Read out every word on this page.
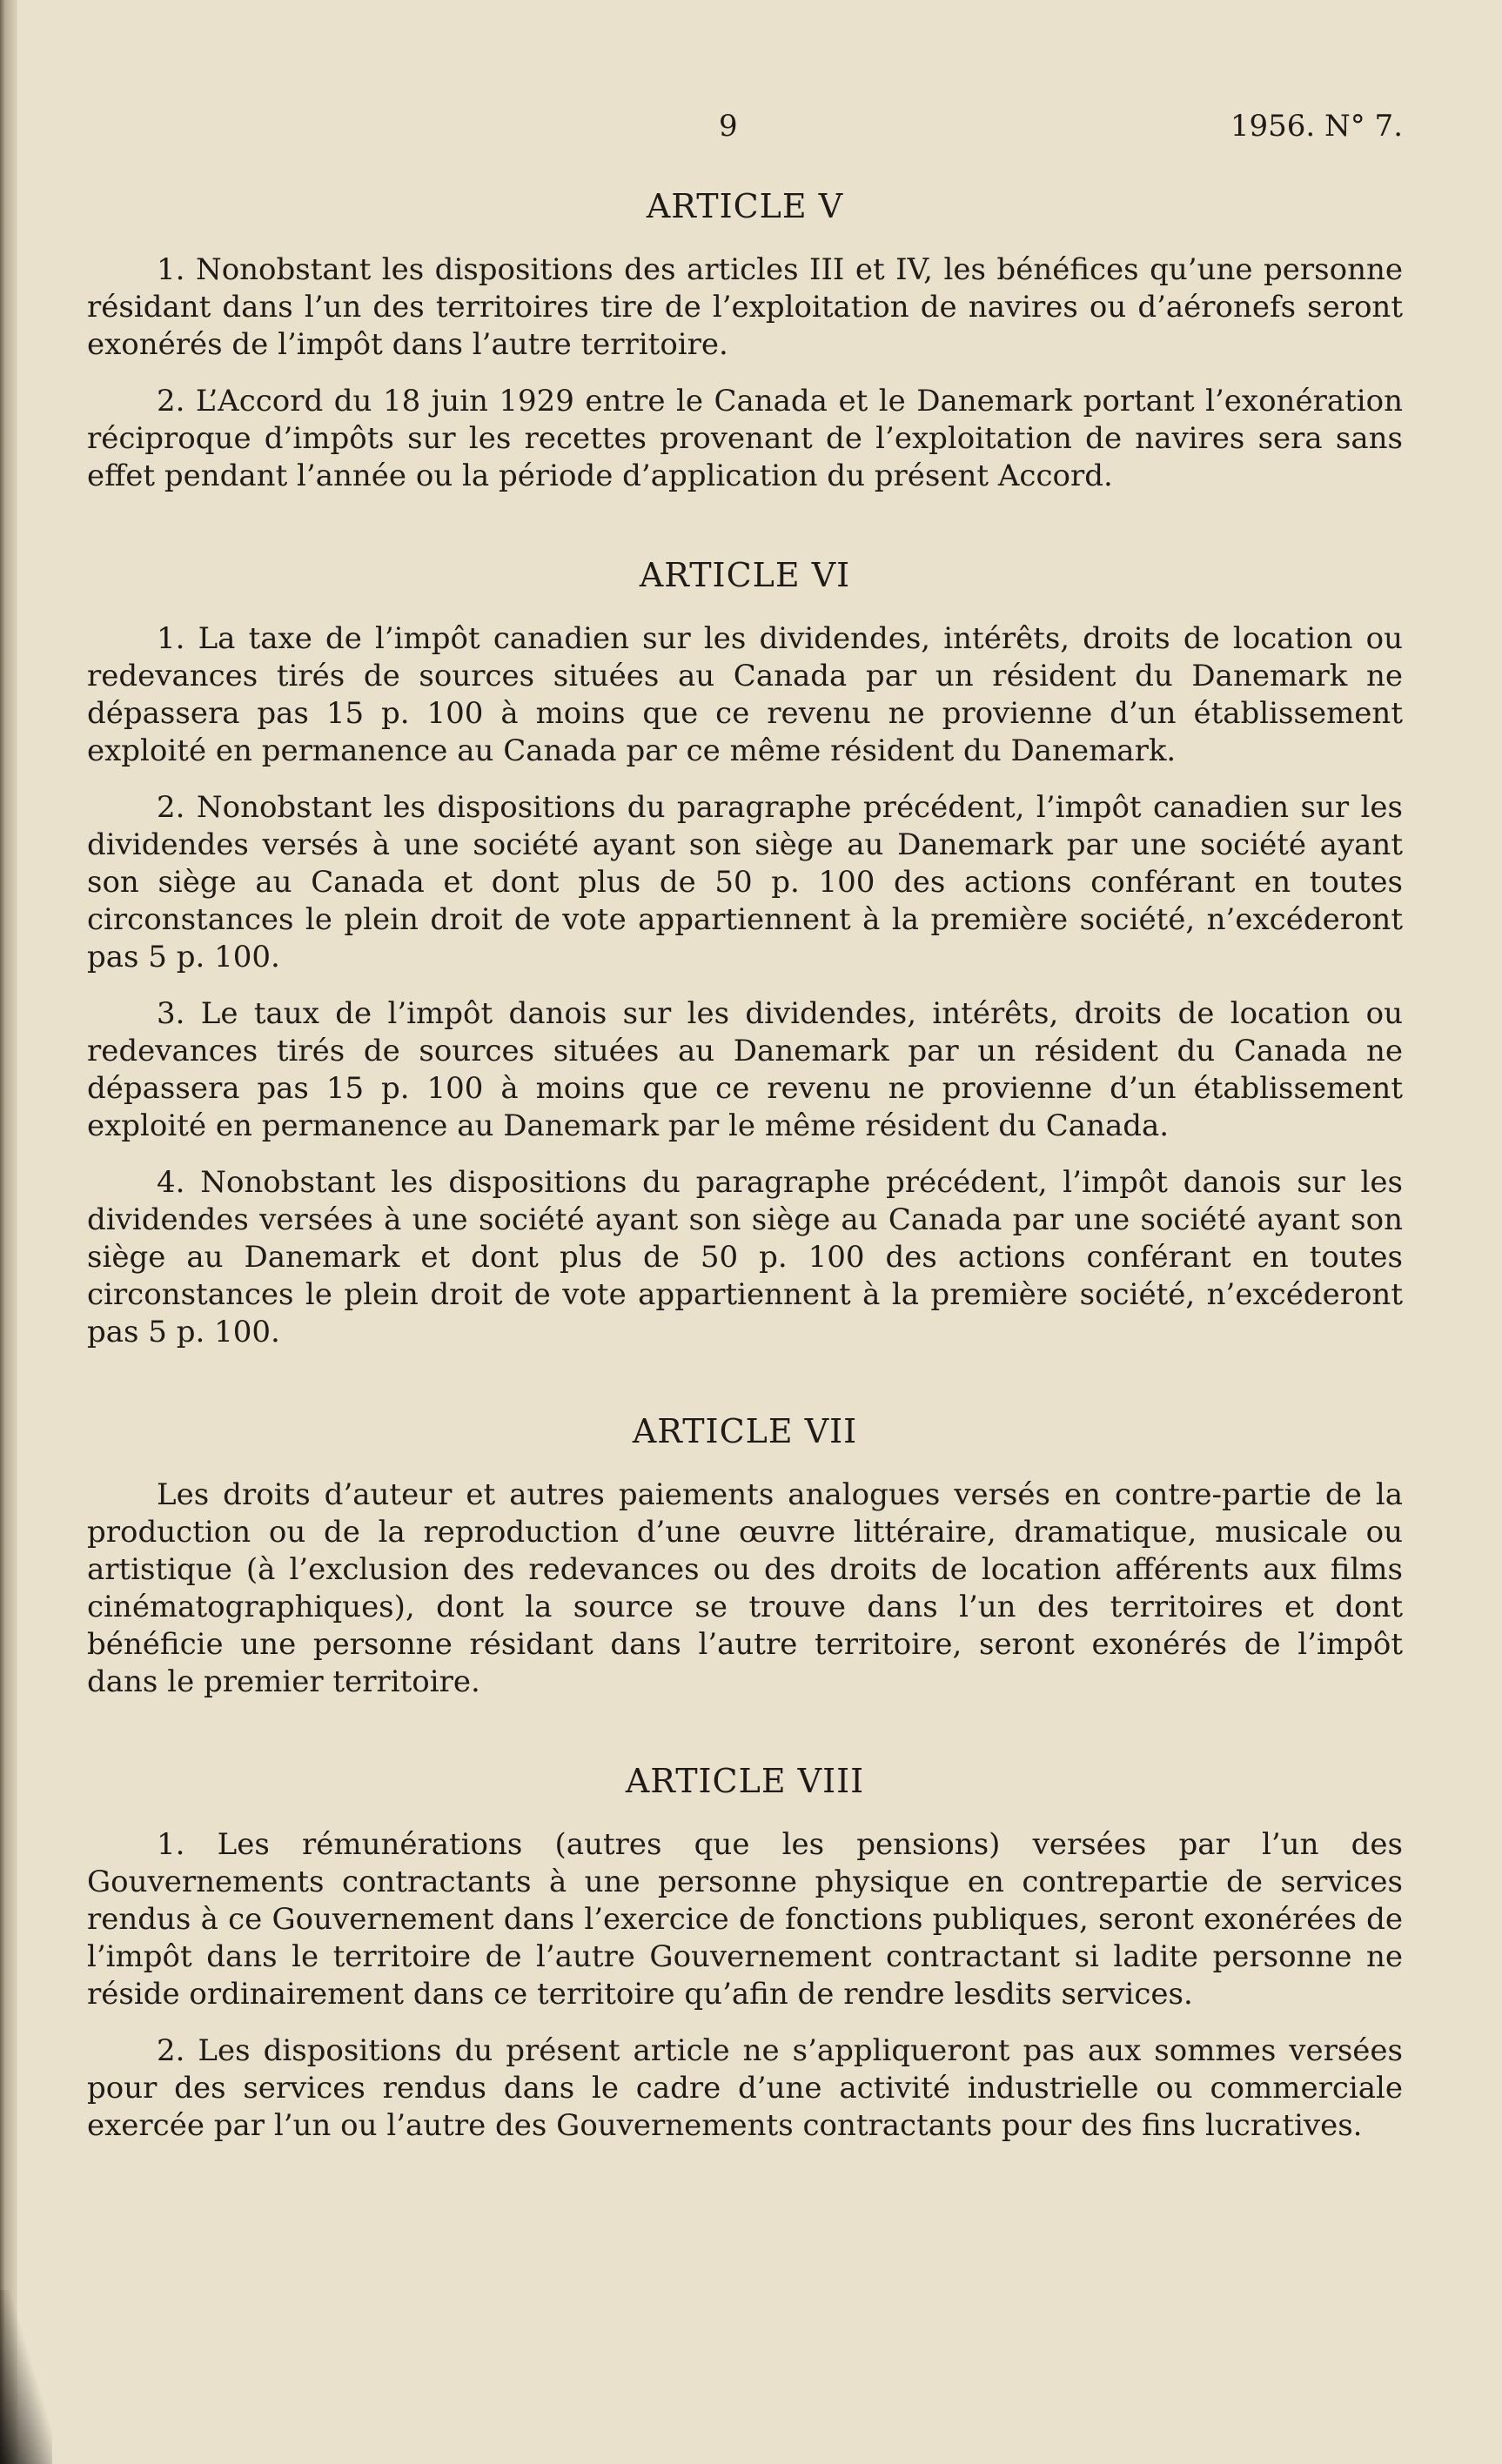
9	1956. N° 7.
ARTICLE V

1. Nonobstant les dispositions des articles III et IV, les bénéfices qu’une personne résidant dans l’un des territoires tire de l’exploitation de navires ou d’aéronefs seront exonérés de l’impôt dans l’autre territoire.

2. L’Accord du 18 juin 1929 entre le Canada et le Danemark portant l’exonération réciproque d’impôts sur les recettes provenant de l’exploitation de navires sera sans effet pendant l’année ou la période d’application du présent Accord.

ARTICLE VI

1. La taxe de l’impôt canadien sur les dividendes, intérêts, droits de location ou redevances tirés de sources situées au Canada par un résident du Danemark ne dépassera pas 15 p. 100 à moins que ce revenu ne provienne d’un établissement exploité en permanence au Canada par ce même résident du Danemark.

2. Nonobstant les dispositions du paragraphe précédent, l’impôt canadien sur les dividendes versés à une société ayant son siège au Danemark par une société ayant son siège au Canada et dont plus de 50 p. 100 des actions conférant en toutes circonstances le plein droit de vote appartiennent à la première société, n’excéderont pas 5 p. 100.

3. Le taux de l’impôt danois sur les dividendes, intérêts, droits de location ou redevances tirés de sources situées au Danemark par un résident du Canada ne dépassera pas 15 p. 100 à moins que ce revenu ne provienne d’un établissement exploité en permanence au Danemark par le même résident du Canada.

4. Nonobstant les dispositions du paragraphe précédent, l’impôt danois sur les dividendes versées à une société ayant son siège au Canada par une société ayant son siège au Danemark et dont plus de 50 p. 100 des actions conférant en toutes circonstances le plein droit de vote appartiennent à la première société, n’excéderont pas 5 p. 100.

ARTICLE VII

Les droits d’auteur et autres paiements analogues versés en contre-partie de la production ou de la reproduction d’une œuvre littéraire, dramatique, musicale ou artistique (à l’exclusion des redevances ou des droits de location afférents aux films cinématographiques), dont la source se trouve dans l’un des territoires et dont bénéficie une personne résidant dans l’autre territoire, seront exonérés de l’impôt dans le premier territoire.

ARTICLE VIII

1. Les rémunérations (autres que les pensions) versées par l’un des Gouvernements contractants à une personne physique en contrepartie de services rendus à ce Gouvernement dans l’exercice de fonctions publiques, seront exonérées de l’impôt dans le territoire de l’autre Gouvernement contractant si ladite personne ne réside ordinairement dans ce territoire qu’afin de rendre lesdits services.

2. Les dispositions du présent article ne s’appliqueront pas aux sommes versées pour des services rendus dans le cadre d’une activité industrielle ou commerciale exercée par l’un ou l’autre des Gouvernements contractants pour des fins lucratives.
